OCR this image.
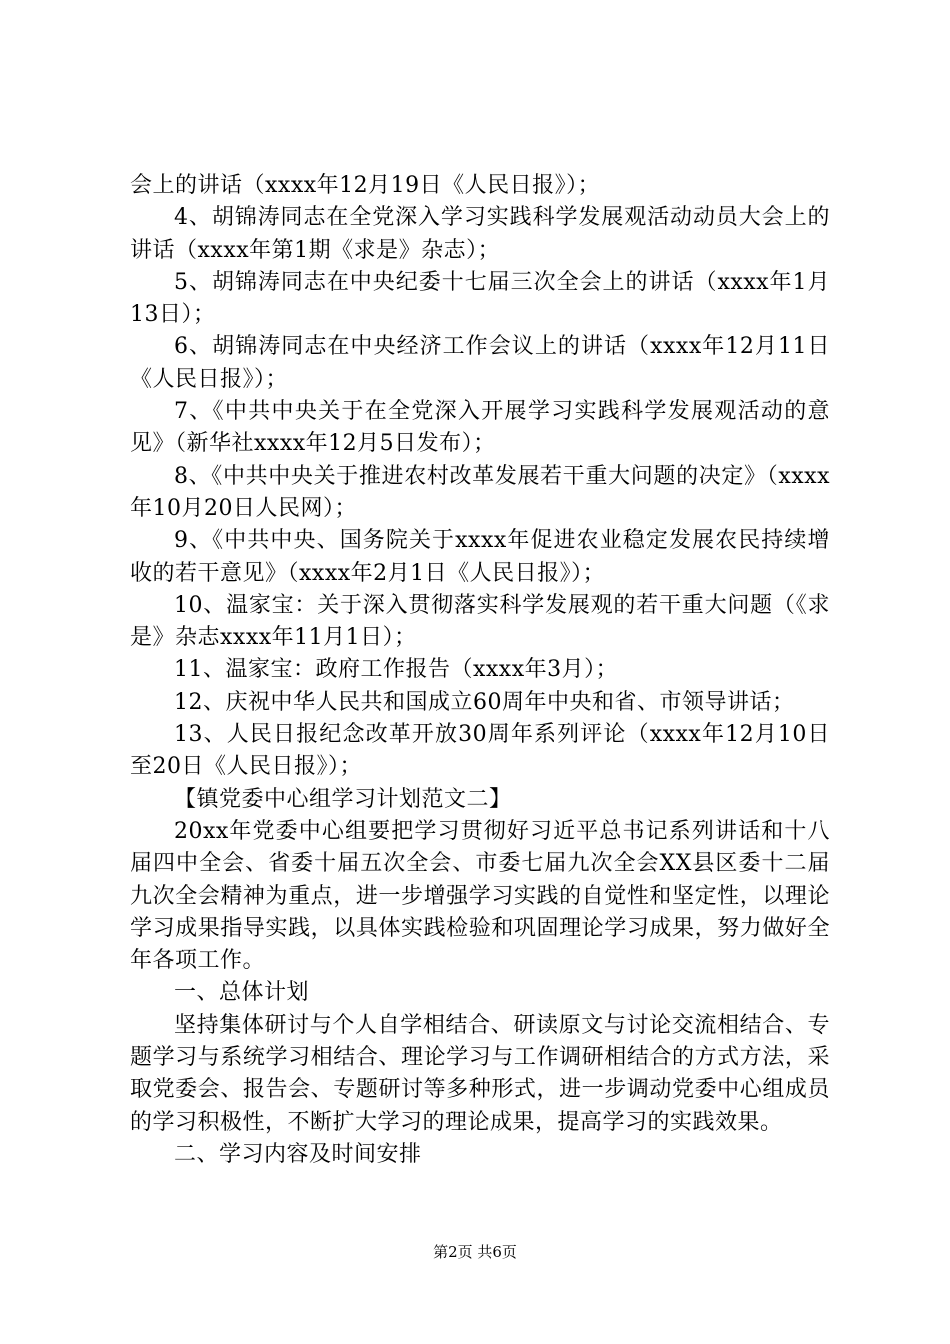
会上的讲话（xxxx年12月19日《人民日报》）；

4、胡锦涛同志在全党深入学习实践科学发展观活动动员大会上的讲话（xxxx年第1期《求是》杂志）；

5、胡锦涛同志在中央纪委十七届三次全会上的讲话（xxxx年1月13日）；

6、胡锦涛同志在中央经济工作会议上的讲话（xxxx年12月11日《人民日报》）；

7、《中共中央关于在全党深入开展学习实践科学发展观活动的意见》（新华社xxxx年12月5日发布）；

8、《中共中央关于推进农村改革发展若干重大问题的决定》（xxxx年10月20日人民网）；

9、《中共中央、国务院关于xxxx年促进农业稳定发展农民持续增收的若干意见》（xxxx年2月1日《人民日报》）；

10、温家宝：关于深入贯彻落实科学发展观的若干重大问题（《求是》杂志xxxx年11月1日）；

11、温家宝：政府工作报告（xxxx年3月）；

12、庆祝中华人民共和国成立60周年中央和省、市领导讲话；

13、人民日报纪念改革开放30周年系列评论（xxxx年12月10日至20日《人民日报》）；

【镇党委中心组学习计划范文二】

20xx年党委中心组要把学习贯彻好习近平总书记系列讲话和十八届四中全会、省委十届五次全会、市委七届九次全会XX县区委十二届九次全会精神为重点，进一步增强学习实践的自觉性和坚定性，以理论学习成果指导实践，以具体实践检验和巩固理论学习成果，努力做好全年各项工作。

一、总体计划

坚持集体研讨与个人自学相结合、研读原文与讨论交流相结合、专题学习与系统学习相结合、理论学习与工作调研相结合的方式方法，采取党委会、报告会、专题研讨等多种形式，进一步调动党委中心组成员的学习积极性，不断扩大学习的理论成果，提高学习的实践效果。

二、学习内容及时间安排

第2页 共6页
